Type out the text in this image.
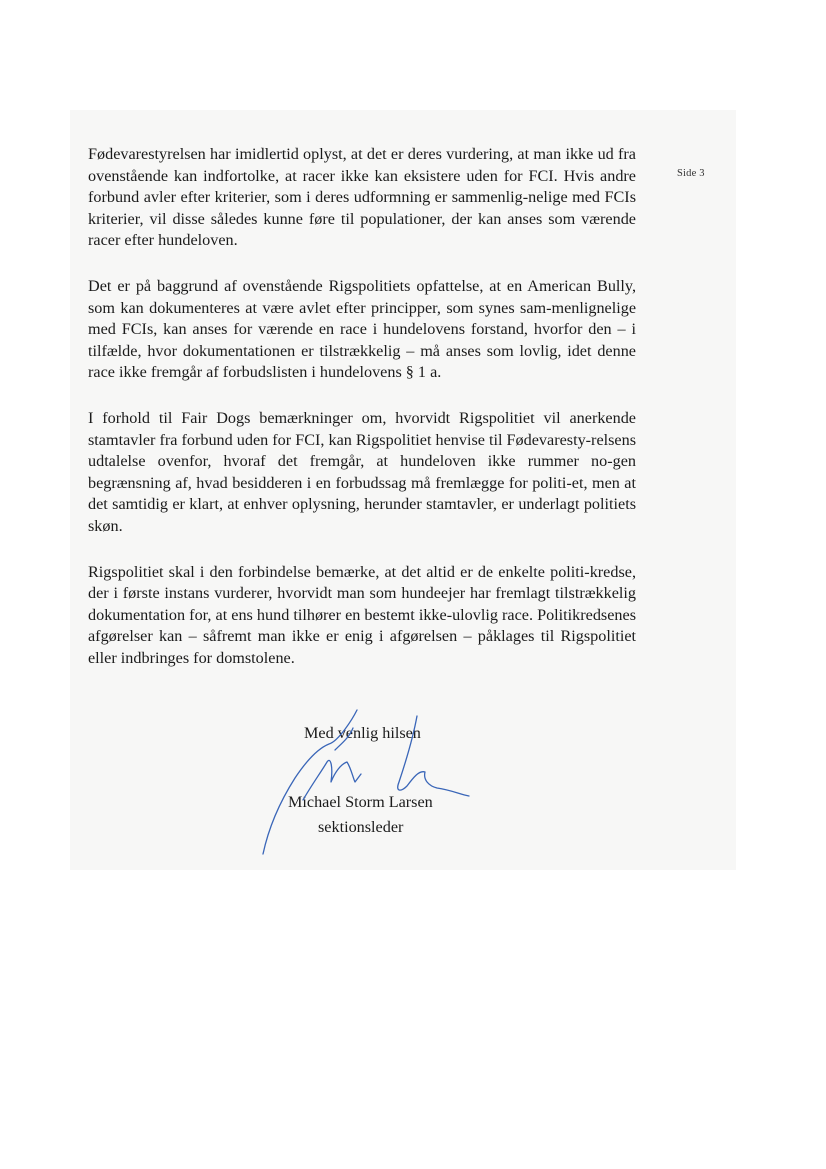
Side 3

Fødevarestyrelsen har imidlertid oplyst, at det er deres vurdering, at man ikke ud fra ovenstående kan indfortolke, at racer ikke kan eksistere uden for FCI. Hvis andre forbund avler efter kriterier, som i deres udformning er sammenlig-nelige med FCIs kriterier, vil disse således kunne føre til populationer, der kan anses som værende racer efter hundeloven.

Det er på baggrund af ovenstående Rigspolitiets opfattelse, at en American Bully, som kan dokumenteres at være avlet efter principper, som synes sam-menlignelige med FCIs, kan anses for værende en race i hundelovens forstand, hvorfor den – i tilfælde, hvor dokumentationen er tilstrækkelig – må anses som lovlig, idet denne race ikke fremgår af forbudslisten i hundelovens § 1 a.

I forhold til Fair Dogs bemærkninger om, hvorvidt Rigspolitiet vil anerkende stamtavler fra forbund uden for FCI, kan Rigspolitiet henvise til Fødevaresty-relsens udtalelse ovenfor, hvoraf det fremgår, at hundeloven ikke rummer no-gen begrænsning af, hvad besidderen i en forbudssag må fremlægge for politi-et, men at det samtidig er klart, at enhver oplysning, herunder stamtavler, er underlagt politiets skøn.

Rigspolitiet skal i den forbindelse bemærke, at det altid er de enkelte politi-kredse, der i første instans vurderer, hvorvidt man som hundeejer har fremlagt tilstrækkelig dokumentation for, at ens hund tilhører en bestemt ikke-ulovlig race. Politikredsenes afgørelser kan – såfremt man ikke er enig i afgørelsen – påklages til Rigspolitiet eller indbringes for domstolene.

Med venlig hilsen
Michael Storm Larsen
sektionsleder
